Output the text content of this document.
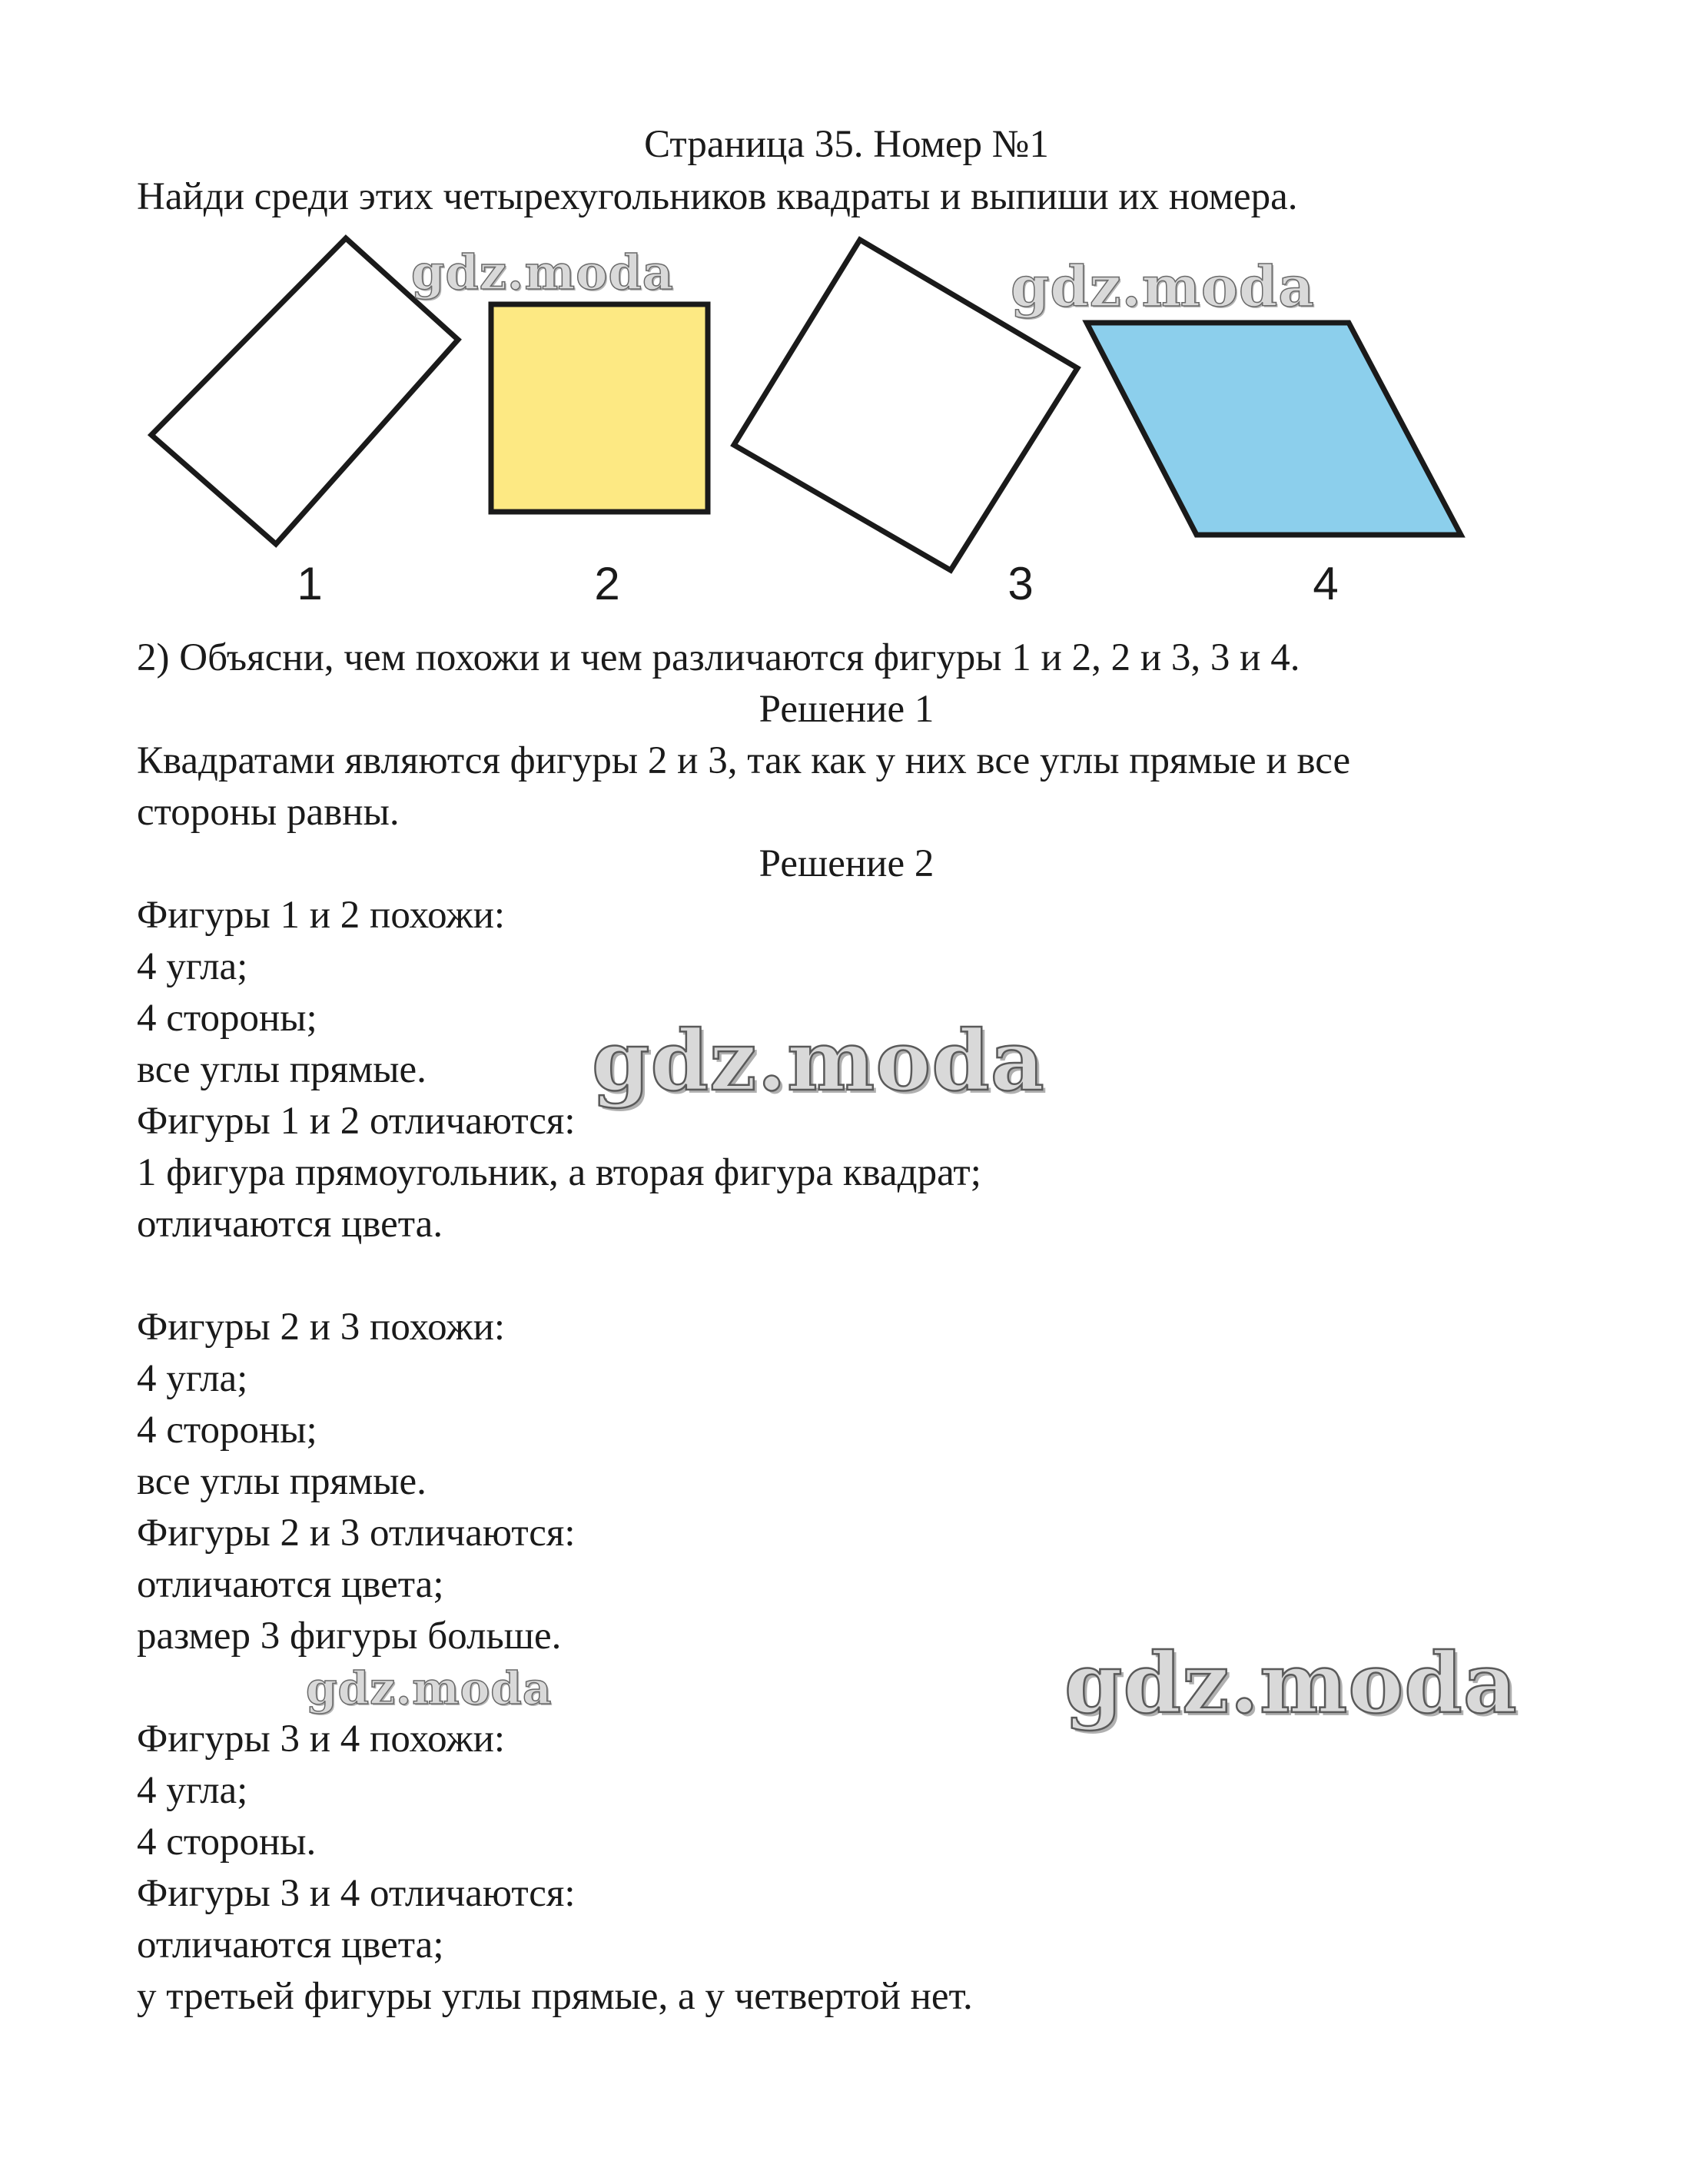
Страница 35. Номер №1
Найди среди этих четырехугольников квадраты и выпиши их номера.
1	2	3	4
2) Объясни, чем похожи и чем различаются фигуры 1 и 2, 2 и 3, 3 и 4.
Решение 1
Квадратами являются фигуры 2 и 3, так как у них все углы прямые и все
стороны равны.
Решение 2
Фигуры 1 и 2 похожи:
4 угла;
4 стороны;
все углы прямые.
Фигуры 1 и 2 отличаются:
1 фигура прямоугольник, а вторая фигура квадрат;
отличаются цвета.
Фигуры 2 и 3 похожи:
4 угла;
4 стороны;
все углы прямые.
Фигуры 2 и 3 отличаются:
отличаются цвета;
размер 3 фигуры больше.
Фигуры 3 и 4 похожи:
4 угла;
4 стороны.
Фигуры 3 и 4 отличаются:
отличаются цвета;
у третьей фигуры углы прямые, а у четвертой нет.
gdz.moda	gdz.moda
gdz.moda
gdz.moda
gdz.moda
